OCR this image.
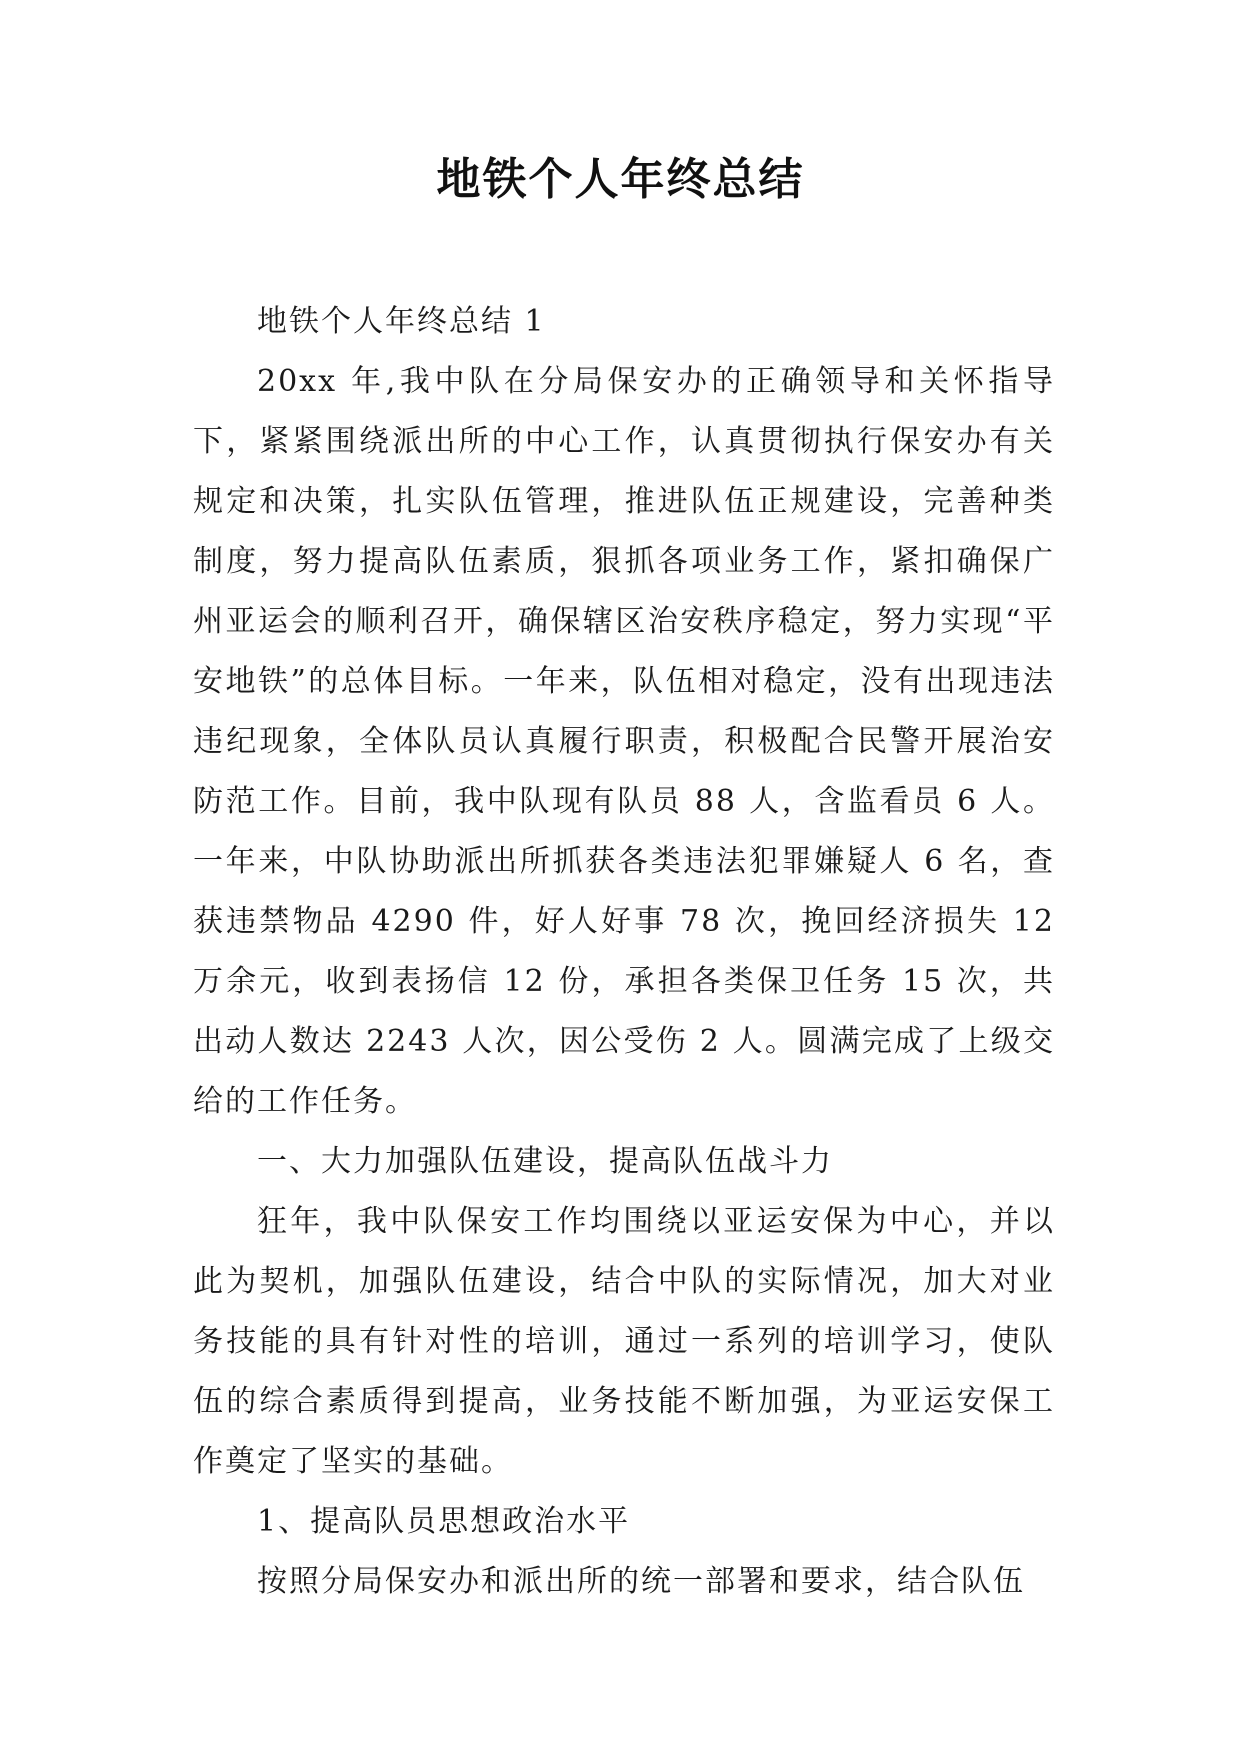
地铁个人年终总结

地铁个人年终总结 1

20xx 年,我中队在分局保安办的正确领导和关怀指导下，紧紧围绕派出所的中心工作，认真贯彻执行保安办有关规定和决策，扎实队伍管理，推进队伍正规建设，完善种类制度，努力提高队伍素质，狠抓各项业务工作，紧扣确保广州亚运会的顺利召开，确保辖区治安秩序稳定，努力实现“平安地铁”的总体目标。一年来，队伍相对稳定，没有出现违法违纪现象，全体队员认真履行职责，积极配合民警开展治安防范工作。目前，我中队现有队员 88 人，含监看员 6 人。一年来，中队协助派出所抓获各类违法犯罪嫌疑人 6 名，查获违禁物品 4290 件，好人好事 78 次，挽回经济损失 12 万余元，收到表扬信 12 份，承担各类保卫任务 15 次，共出动人数达 2243 人次，因公受伤 2 人。圆满完成了上级交给的工作任务。

一、大力加强队伍建设，提高队伍战斗力

狂年，我中队保安工作均围绕以亚运安保为中心，并以此为契机，加强队伍建设，结合中队的实际情况，加大对业务技能的具有针对性的培训，通过一系列的培训学习，使队伍的综合素质得到提高，业务技能不断加强，为亚运安保工作奠定了坚实的基础。

1、提高队员思想政治水平

按照分局保安办和派出所的统一部署和要求，结合队伍
